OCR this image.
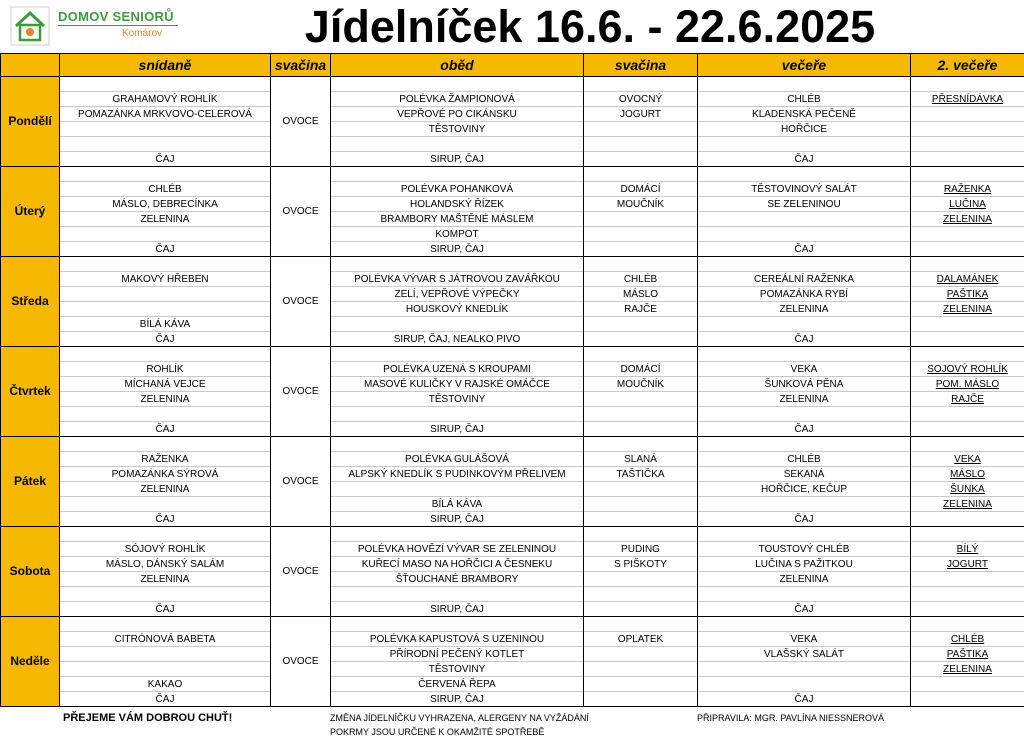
DOMOV SENIORŮ
Komárov	Jídelníček 16.6. - 22.6.2025
	snídaně	svačina	oběd	svačina	večeře	2. večeře
Pondělí		OVOCE				
	GRAHAMOVÝ ROHLÍK		POLÉVKA ŽAMPIONOVÁ	OVOCNÝ	CHLÉB	PŘESNÍDÁVKA
	POMAZÁNKA MRKVOVO-CELEROVÁ		VEPŘOVÉ PO CIKÁNSKU	JOGURT	KLADENSKÁ PEČENĚ	
			TĚSTOVINY		HOŘČICE	

	ČAJ		SIRUP, ČAJ		ČAJ	
Úterý		OVOCE				
	CHLÉB		POLÉVKA POHANKOVÁ	DOMÁCÍ	TĚSTOVINOVÝ SALÁT	RAŽENKA
	MÁSLO, DEBRECÍNKA		HOLANDSKÝ ŘÍZEK	MOUČNÍK	SE ZELENINOU	LUČINA
	ZELENINA		BRAMBORY MAŠTĚNÉ MÁSLEM			ZELENINA
			KOMPOT			
	ČAJ		SIRUP, ČAJ		ČAJ	
Středa		OVOCE				
	MAKOVÝ HŘEBEN		POLÉVKA VÝVAR S JÁTROVOU ZAVÁŘKOU	CHLÉB	CEREÁLNÍ RAŽENKA	DALAMÁNEK
			ZELÍ, VEPŘOVÉ VÝPEČKY	MÁSLO	POMAZÁNKA RYBÍ	PAŠTIKA
			HOUSKOVÝ KNEDLÍK	RAJČE	ZELENINA	ZELENINA
	BÍLÁ KÁVA					
	ČAJ		SIRUP, ČAJ, NEALKO PIVO		ČAJ	
Čtvrtek		OVOCE				
	ROHLÍK		POLÉVKA UZENÁ S KROUPAMI	DOMÁCÍ	VEKA	SOJOVÝ ROHLÍK
	MÍCHANÁ VEJCE		MASOVÉ KULIČKY V RAJSKÉ OMÁČCE	MOUČNÍK	ŠUNKOVÁ PĚNA	POM. MÁSLO
	ZELENINA		TĚSTOVINY		ZELENINA	RAJČE

	ČAJ		SIRUP, ČAJ		ČAJ	
Pátek		OVOCE				
	RAŽENKA		POLÉVKA GULÁŠOVÁ	SLANÁ	CHLÉB	VEKA
	POMAZÁNKA SÝROVÁ		ALPSKÝ KNEDLÍK S PUDINKOVÝM PŘELIVEM	TAŠTIČKA	SEKANÁ	MÁSLO
	ZELENINA				HOŘČICE, KEČUP	ŠUNKA
			BÍLÁ KÁVA			ZELENINA
	ČAJ		SIRUP, ČAJ		ČAJ	
Sobota		OVOCE				
	SÓJOVÝ ROHLÍK		POLÉVKA HOVĚZÍ VÝVAR SE ZELENINOU	PUDING	TOUSTOVÝ CHLÉB	BÍLÝ
	MÁSLO, DÁNSKÝ SALÁM		KUŘECÍ MASO NA HOŘČICI A ČESNEKU	S PIŠKOTY	LUČINA S PAŽITKOU	JOGURT
	ZELENINA		ŠŤOUCHANÉ BRAMBORY		ZELENINA	

	ČAJ		SIRUP, ČAJ		ČAJ	
Neděle		OVOCE				
	CITRÓNOVÁ BABETA		POLÉVKA KAPUSTOVÁ S UZENINOU	OPLATEK	VEKA	CHLÉB
			PŘÍRODNÍ PEČENÝ KOTLET		VLAŠSKÝ SALÁT	PAŠTIKA
			TĚSTOVINY			ZELENINA
	KAKAO		ČERVENÁ ŘEPA			
	ČAJ		SIRUP, ČAJ		ČAJ	
	PŘEJEME VÁM DOBROU CHUŤ!		ZMĚNA JÍDELNÍČKU VYHRAZENA, ALERGENY NA VYŽÁDÁNÍ	PŘIPRAVILA: MGR. PAVLÍNA NIESSNEROVÁ	
			POKRMY JSOU URČENÉ K OKAMŽITÉ SPOTŘEBĚ		
